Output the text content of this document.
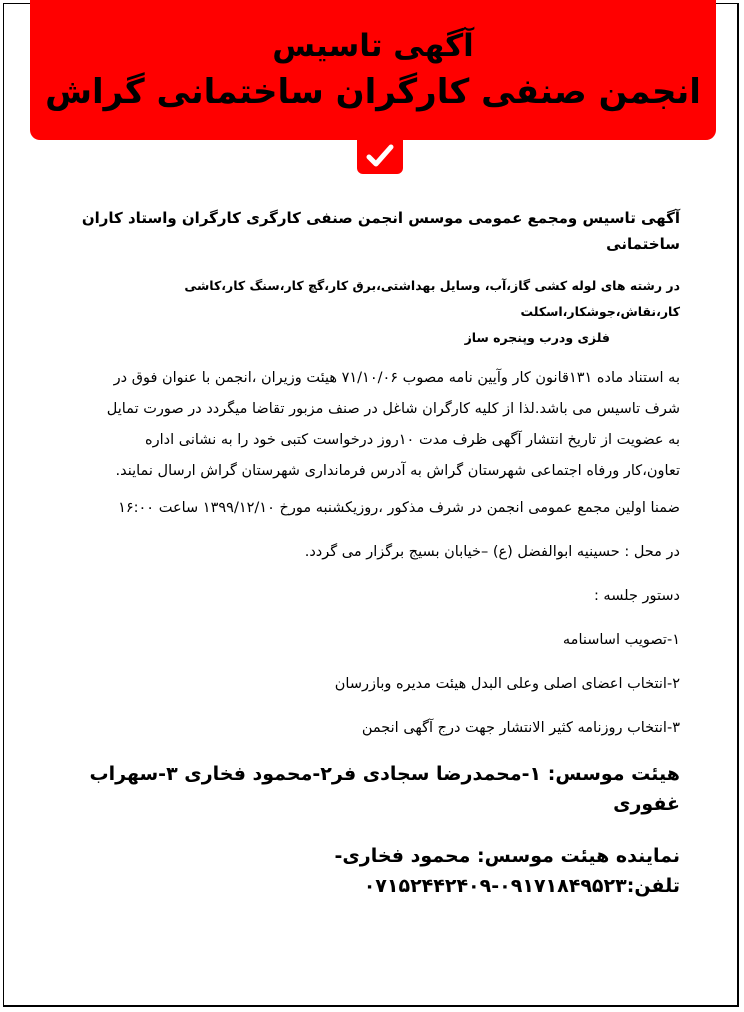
آگهی تاسیس
انجمن صنفی کارگران ساختمانی گراش
آگهی تاسیس ومجمع عمومی موسس انجمن صنفی کارگری کارگران واستاد کاران ساختمانی
در رشته های لوله کشی گاز،آب، وسایل بهداشتی،برق کار،گچ کار،سنگ کار،کاشی کار،نقاش،جوشکار،اسکلت
فلزی ودرب وپنجره ساز
به استناد ماده ۱۳۱قانون کار وآیین نامه مصوب ۷۱/۱۰/۰۶ هیئت وزیران ،انجمن با عنوان فوق در
شرف تاسیس می باشد.لذا از کلیه کارگران شاغل در صنف مزبور تقاضا میگردد در صورت تمایل
به عضویت از تاریخ انتشار آگهی ظرف مدت ۱۰روز درخواست کتبی خود را به نشانی اداره
تعاون،کار ورفاه اجتماعی شهرستان گراش به آدرس فرمانداری شهرستان گراش ارسال نمایند.
ضمنا اولین مجمع عمومی انجمن در شرف مذکور ،روزیکشنبه مورخ ۱۳۹۹/۱۲/۱۰ ساعت ۱۶:۰۰
در محل : حسینیه ابوالفضل (ع) –خیابان بسیج برگزار می گردد.
دستور جلسه :
۱-تصویب اساسنامه
۲-انتخاب اعضای اصلی وعلی البدل هیئت مدیره وبازرسان
۳-انتخاب روزنامه کثیر الانتشار جهت درج آگهی انجمن
هیئت موسس: ۱-محمدرضا سجادی فر۲-محمود فخاری ۳-سهراب غفوری
نماینده هیئت موسس: محمود فخاری- تلفن:۰۹۱۷۱۸۴۹۵۲۳-۰۷۱۵۲۴۴۲۴۰۹
